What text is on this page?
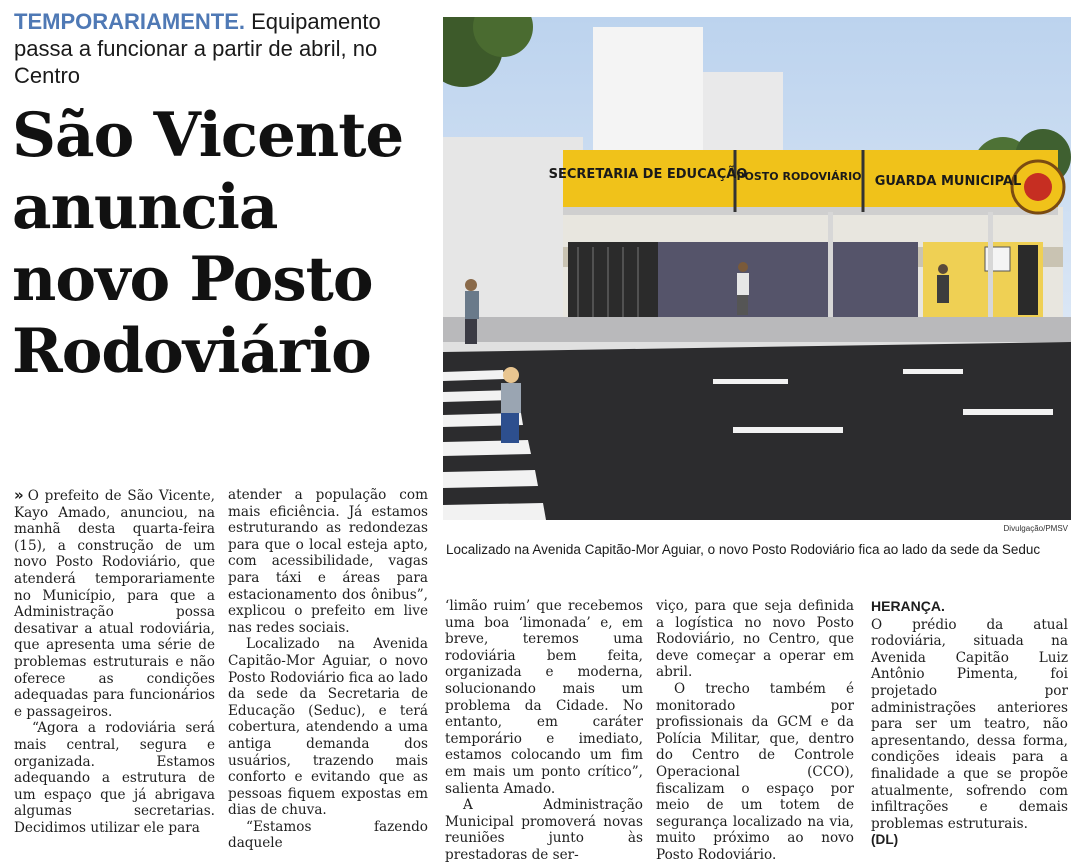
TEMPORARIAMENTE. Equipamento passa a funcionar a partir de abril, no Centro
São Vicente anuncia novo Posto Rodoviário
SECRETARIA DE EDUCAÇÃO
POSTO RODOVIÁRIO GUARDA MUNICIPAL
Divulgação/PMSV
Localizado na Avenida Capitão-Mor Aguiar, o novo Posto Rodoviário fica ao lado da sede da Seduc

» O prefeito de São Vicente, Kayo Amado, anunciou, na manhã desta quarta-feira (15), a construção de um novo Posto Rodoviário, que atenderá temporariamente no Município, para que a Administração possa desativar a atual rodoviária, que apresenta uma série de problemas estruturais e não oferece as condições adequadas para funcionários e passageiros.

“Agora a rodoviária será mais central, segura e organizada. Estamos adequando a estrutura de um espaço que já abrigava algumas secretarias. Decidimos utilizar ele para

atender a população com mais eficiência. Já estamos estruturando as redondezas para que o local esteja apto, com acessibilidade, vagas para táxi e áreas para estacionamento dos ônibus”, explicou o prefeito em live nas redes sociais.

Localizado na Avenida Capitão-Mor Aguiar, o novo Posto Rodoviário fica ao lado da sede da Secretaria de Educação (Seduc), e terá cobertura, atendendo a uma antiga demanda dos usuários, trazendo mais conforto e evitando que as pessoas fiquem expostas em dias de chuva.

“Estamos fazendo daquele

‘limão ruim’ que recebemos uma boa ‘limonada’ e, em breve, teremos uma rodoviária bem feita, organizada e moderna, solucionando mais um problema da Cidade. No entanto, em caráter temporário e imediato, estamos colocando um fim em mais um ponto crítico”, salienta Amado.

A Administração Municipal promoverá novas reuniões junto às prestadoras de ser-

viço, para que seja definida a logística no novo Posto Rodoviário, no Centro, que deve começar a operar em abril.

O trecho também é monitorado por profissionais da GCM e da Polícia Militar, que, dentro do Centro de Controle Operacional (CCO), fiscalizam o espaço por meio de um totem de segurança localizado na via, muito próximo ao novo Posto Rodoviário.

HERANÇA.

O prédio da atual rodoviária, situada na Avenida Capitão Luiz Antônio Pimenta, foi projetado por administrações anteriores para ser um teatro, não apresentando, dessa forma, condições ideais para a finalidade a que se propõe atualmente, sofrendo com infiltrações e demais problemas estruturais.

(DL)
